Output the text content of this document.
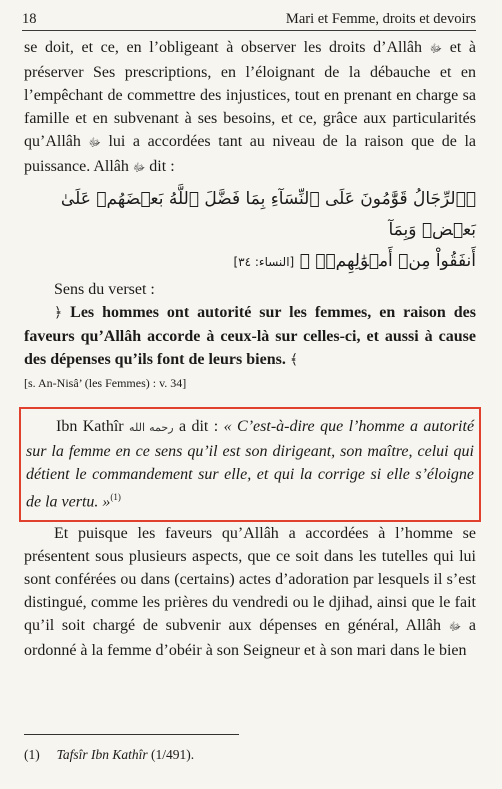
18	Mari et Femme, droits et devoirs

se doit, et ce, en l’obligeant à observer les droits d’Allâh ﷻ et à préserver Ses prescriptions, en l’éloignant de la débauche et en l’empêchant de commettre des injustices, tout en prenant en charge sa famille et en subvenant à ses besoins, et ce, grâce aux particularités qu’Allâh ﷻ lui a accordées tant au niveau de la raison que de la puissance. Allâh ﷻ dit :

﴿ٱلرِّجَالُ قَوَّٰمُونَ عَلَى ٱلنِّسَآءِ بِمَا فَضَّلَ ٱللَّهُ بَعۡضَهُمۡ عَلَىٰ بَعۡضٖ وَبِمَآ
أَنفَقُواْ مِنۡ أَمۡوَٰلِهِمۡۚ ﴾ [النساء: ٣٤]

Sens du verset :

﴿ Les hommes ont autorité sur les femmes, en raison des faveurs qu’Allâh accorde à ceux-là sur celles-ci, et aussi à cause des dépenses qu’ils font de leurs biens. ﴾

[s. An-Nisâ’ (les Femmes) : v. 34]

Ibn Kathîr رحمه الله a dit : « C’est-à-dire que l’homme a autorité sur la femme en ce sens qu’il est son dirigeant, son maître, celui qui détient le commandement sur elle, et qui la corrige si elle s’éloigne de la vertu. »$^{(1)}$

Et puisque les faveurs qu’Allâh a accordées à l’homme se présentent sous plusieurs aspects, que ce soit dans les tutelles qui lui sont conférées ou dans (certains) actes d’adoration par lesquels il s’est distingué, comme les prières du vendredi ou le djihad, ainsi que le fait qu’il soit chargé de subvenir aux dépenses en général, Allâh ﷻ a ordonné à la femme d’obéir à son Seigneur et à son mari dans le bien

(1) Tafsîr Ibn Kathîr (1/491).
